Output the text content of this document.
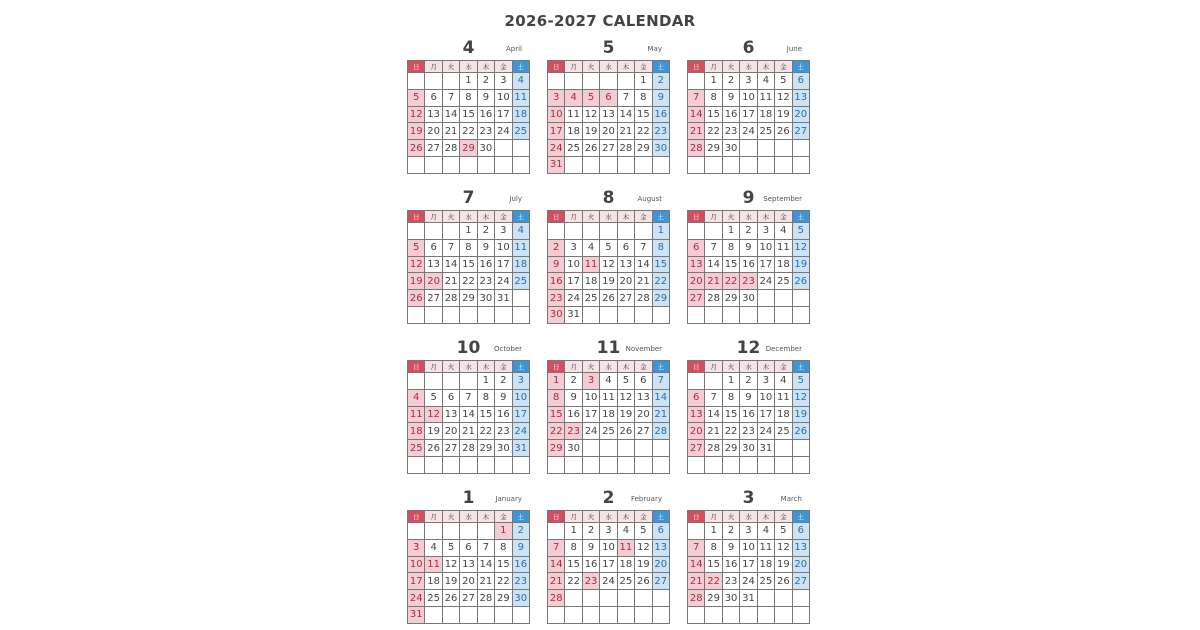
2026-2027 CALENDAR
4	April
日	月	火	水	木	金	土
			1	2	3	4
5	6	7	8	9	10	11
12	13	14	15	16	17	18
19	20	21	22	23	24	25
26	27	28	29	30		

5	May
日	月	火	水	木	金	土
					1	2
3	4	5	6	7	8	9
10	11	12	13	14	15	16
17	18	19	20	21	22	23
24	25	26	27	28	29	30
31						
6	June
日	月	火	水	木	金	土
	1	2	3	4	5	6
7	8	9	10	11	12	13
14	15	16	17	18	19	20
21	22	23	24	25	26	27
28	29	30				

7	July
日	月	火	水	木	金	土
			1	2	3	4
5	6	7	8	9	10	11
12	13	14	15	16	17	18
19	20	21	22	23	24	25
26	27	28	29	30	31	

8	August
日	月	火	水	木	金	土
						1
2	3	4	5	6	7	8
9	10	11	12	13	14	15
16	17	18	19	20	21	22
23	24	25	26	27	28	29
30	31					
9	September
日	月	火	水	木	金	土
		1	2	3	4	5
6	7	8	9	10	11	12
13	14	15	16	17	18	19
20	21	22	23	24	25	26
27	28	29	30			

10	October
日	月	火	水	木	金	土
				1	2	3
4	5	6	7	8	9	10
11	12	13	14	15	16	17
18	19	20	21	22	23	24
25	26	27	28	29	30	31

11 November
日	月	火	水	木	金	土
1	2	3	4	5	6	7
8	9	10	11	12	13	14
15	16	17	18	19	20	21
22	23	24	25	26	27	28
29	30					

12 December
日	月	火	水	木	金	土
		1	2	3	4	5
6	7	8	9	10	11	12
13	14	15	16	17	18	19
20	21	22	23	24	25	26
27	28	29	30	31		

1	January
日	月	火	水	木	金	土
					1	2
3	4	5	6	7	8	9
10	11	12	13	14	15	16
17	18	19	20	21	22	23
24	25	26	27	28	29	30
31						
2	February
日	月	火	水	木	金	土
	1	2	3	4	5	6
7	8	9	10	11	12	13
14	15	16	17	18	19	20
21	22	23	24	25	26	27
28						

3	March
日	月	火	水	木	金	土
	1	2	3	4	5	6
7	8	9	10	11	12	13
14	15	16	17	18	19	20
21	22	23	24	25	26	27
28	29	30	31			
